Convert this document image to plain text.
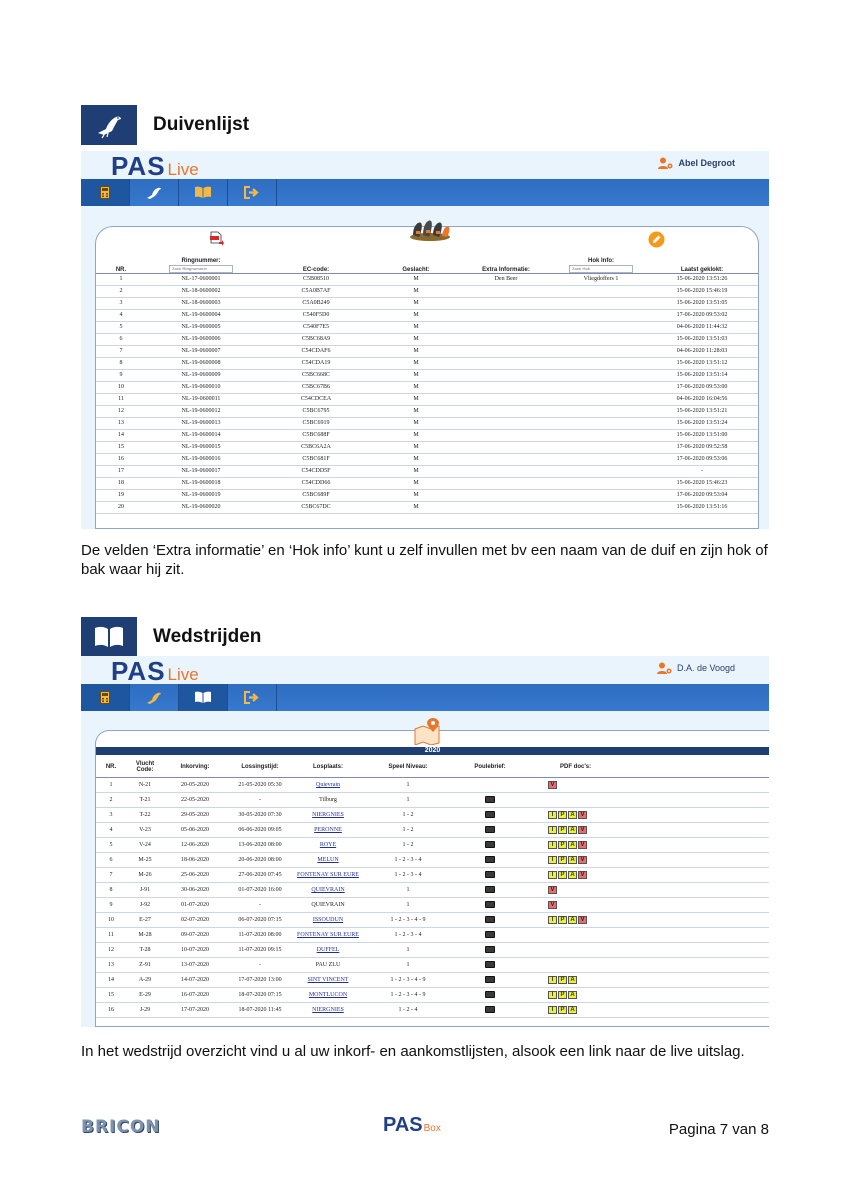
Duivenlijst
PAS Live	Abel Degroot
NR.	Ringnummer:
Zoek Ringnummer	EC-code:	Geslacht:	Extra Informatie:	Hok Info:
Zoek Hok	Laatst geklokt:
1	NL-17-0600001	C5B08510	M	Den Beer	Vliegdoffers 1	15-06-2020 13:51:26
2	NL-18-0600002	C5A0B7AF	M			15-06-2020 15:46:19
3	NL-18-0600003	C5A0B249	M			15-06-2020 13:51:05
4	NL-19-0600004	C540F5D0	M			17-06-2020 09:53:02
5	NL-19-0600005	C540F7E5	M			04-06-2020 11:44:32
6	NL-19-0600006	C5BC68A9	M			15-06-2020 13:51:03
7	NL-19-0600007	C54CDAF6	M			04-06-2020 11:28:03
8	NL-19-0600008	C54CDA19	M			15-06-2020 13:51:12
9	NL-19-0600009	C5BC668C	M			15-06-2020 13:51:14
10	NL-19-0600010	C5BC67B6	M			17-06-2020 09:53:00
11	NL-19-0600011	C54CDCEA	M			04-06-2020 16:04:56
12	NL-19-0600012	C5BC6795	M			15-06-2020 13:51:21
13	NL-19-0600013	C5BC6919	M			15-06-2020 13:51:24
14	NL-19-0600014	C5BC688F	M			15-06-2020 13:51:00
15	NL-19-0600015	C5BC6A2A	M			17-06-2020 09:52:58
16	NL-19-0600016	C5BC681F	M			17-06-2020 09:53:06
17	NL-19-0600017	C54CDD5F	M			-
18	NL-19-0600018	C54CDD66	M			15-06-2020 15:46:23
19	NL-19-0600019	C5BC689F	M			17-06-2020 09:53:04
20	NL-19-0600020	C5BC67DC	M			15-06-2020 13:51:16
De velden ‘Extra informatie’ en ‘Hok info’ kunt u zelf invullen met bv een naam van de duif en zijn hok of bak waar hij zit.
Wedstrijden
PAS Live	D.A. de Voogd
2020
NR.	Vlucht Code:	Inkorving:	Lossingstijd:	Losplaats:	Speel Niveau:	Poulebrief:	PDF doc's:
1	N-21	20-05-2020	21-05-2020 05:30	Quievrain	1		V

2	T-21	22-05-2020	-	Tilburg	1		
3	T-22	29-05-2020	30-05-2020 07:30	NIERGNIES	1 - 2		I P A V

4	V-23	05-06-2020	06-06-2020 09:05	PERONNE	1 - 2		I P A V

5	V-24	12-06-2020	13-06-2020 08:00	ROYE	1 - 2		I P A V

6	M-25	18-06-2020	20-06-2020 08:00	MELUN	1 - 2 - 3 - 4		I P A V

7	M-26	25-06-2020	27-06-2020 07:45	FONTENAY SUR EURE	1 - 2 - 3 - 4		I P A V

8	J-91	30-06-2020	01-07-2020 16:00	QUIEVRAIN	1		V

9	J-92	01-07-2020	-	QUIEVRAIN	1		V

10	E-27	02-07-2020	06-07-2020 07:15	ISSOUDUN	1 - 2 - 3 - 4 - 9		I P A V

11	M-28	09-07-2020	11-07-2020 08:00	FONTENAY SUR EURE	1 - 2 - 3 - 4		
12	T-28	10-07-2020	11-07-2020 09:15	DUFFEL	1		
13	Z-91	13-07-2020	-	PAU ZLU	1		
14	A-29	14-07-2020	17-07-2020 13:00	SINT VINCENT	1 - 2 - 3 - 4 - 9		I P A

15	E-29	16-07-2020	18-07-2020 07:15	MONTLUCON	1 - 2 - 3 - 4 - 9		I P A

16	J-29	17-07-2020	18-07-2020 11:45	NIERGNIES	1 - 2 - 4		I P A
In het wedstrijd overzicht vind u al uw inkorf- en aankomstlijsten, alsook een link naar de live uitslag.
BRICON	PASBox	Pagina 7 van 8
